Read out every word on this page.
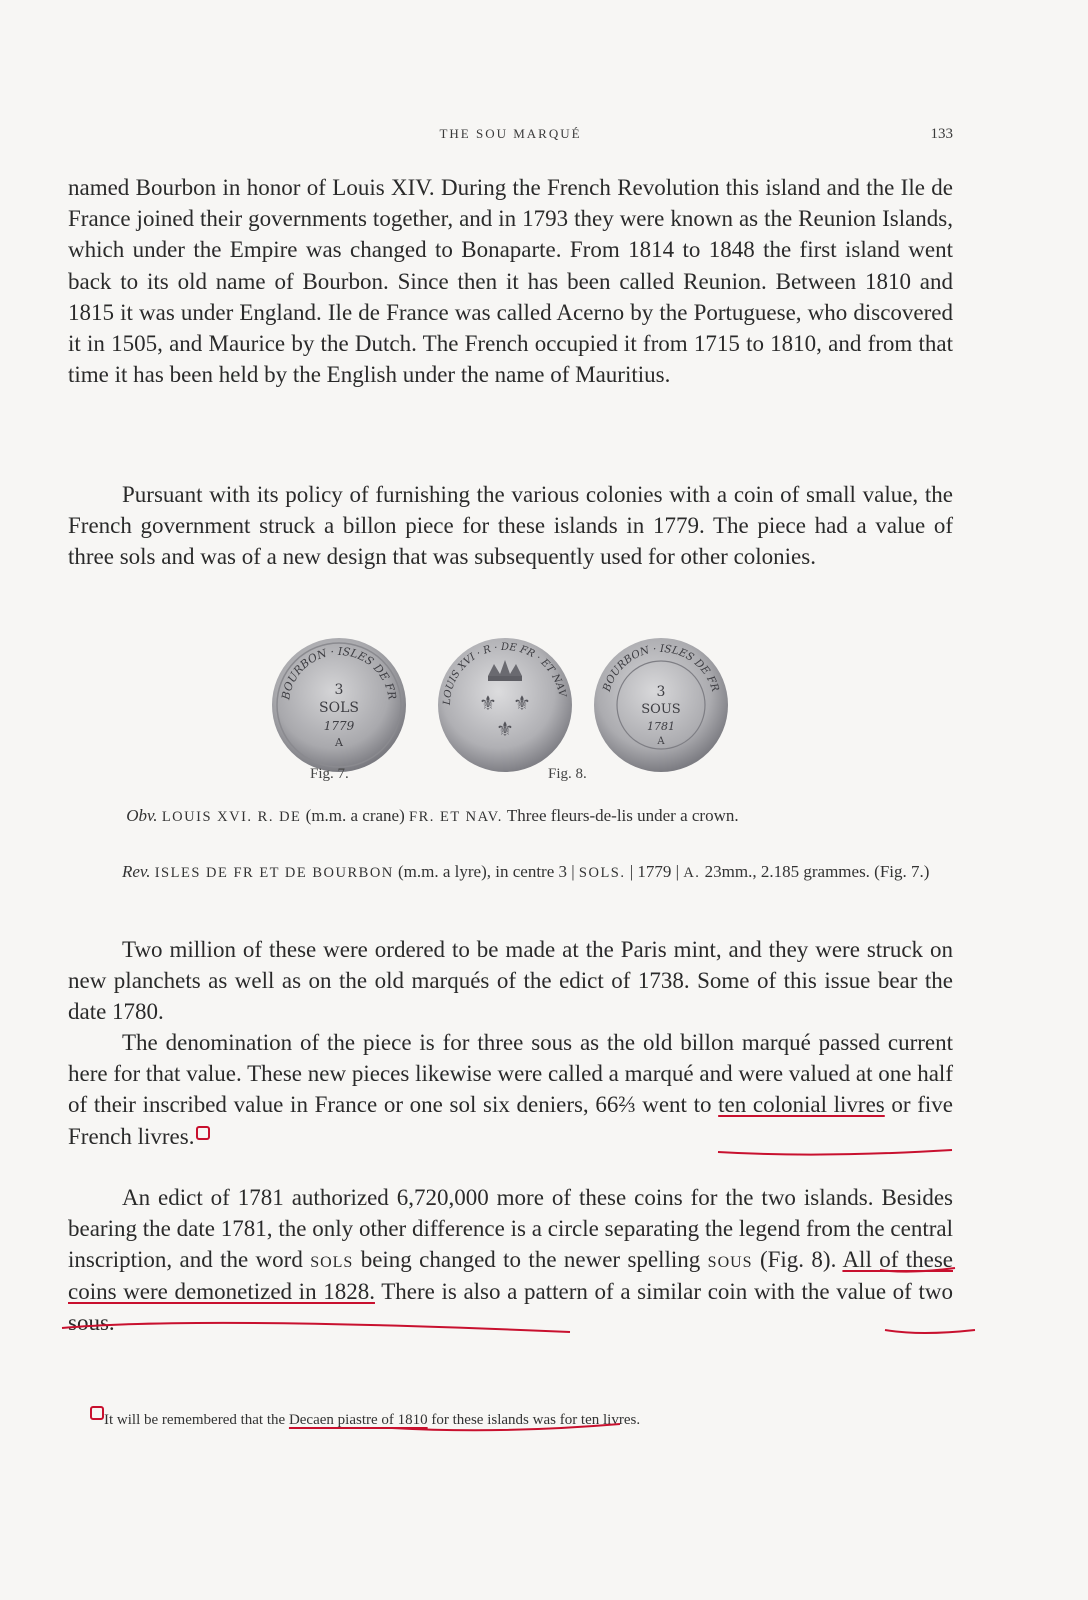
THE SOU MARQUÉ	133

named Bourbon in honor of Louis XIV. During the French Revolution this island and the Ile de France joined their governments together, and in 1793 they were known as the Reunion Islands, which under the Empire was changed to Bonaparte. From 1814 to 1848 the first island went back to its old name of Bourbon. Since then it has been called Reunion. Between 1810 and 1815 it was under England. Ile de France was called Acerno by the Portuguese, who discovered it in 1505, and Maurice by the Dutch. The French occupied it from 1715 to 1810, and from that time it has been held by the English under the name of Mauritius.

Pursuant with its policy of furnishing the various colonies with a coin of small value, the French government struck a billon piece for these islands in 1779. The piece had a value of three sols and was of a new design that was subsequently used for other colonies.

BOURBON · ISLES DE FR
3
SOLS
1779
A
LOUIS XVI · R · DE FR · ET NAV
⚜ ⚜
⚜
BOURBON · ISLES DE FR
3
SOUS
1781
A
Fig. 7.	Fig. 8.

Obv. LOUIS XVI. R. DE (m.m. a crane) FR. ET NAV. Three fleurs-de-lis under a crown.

Rev. ISLES DE FR ET DE BOURBON (m.m. a lyre), in centre 3 | SOLS. | 1779 | A. 23mm., 2.185 grammes. (Fig. 7.)

Two million of these were ordered to be made at the Paris mint, and they were struck on new planchets as well as on the old marqués of the edict of 1738. Some of this issue bear the date 1780.

The denomination of the piece is for three sous as the old billon marqué passed current here for that value. These new pieces likewise were called a marqué and were valued at one half of their inscribed value in France or one sol six deniers, 66⅔ went to ten colonial livres or five French livres.

An edict of 1781 authorized 6,720,000 more of these coins for the two islands. Besides bearing the date 1781, the only other difference is a circle separating the legend from the central inscription, and the word sols being changed to the newer spelling sous (Fig. 8). All of these coins were demonetized in 1828. There is also a pattern of a similar coin with the value of two sous.

It will be remembered that the Decaen piastre of 1810 for these islands was for ten livres.
